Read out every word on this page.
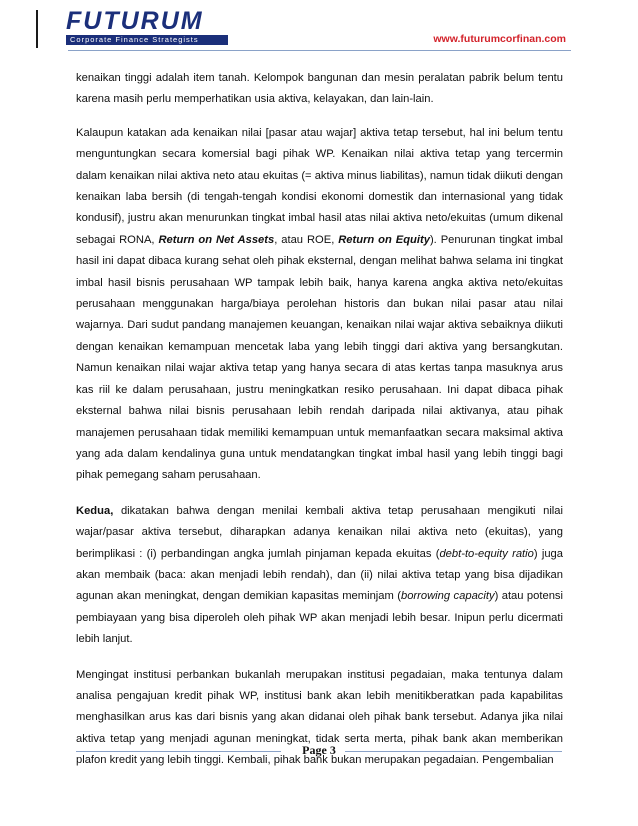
FUTURUM
Corporate Finance Strategists	www.futurumcorfinan.com

kenaikan tinggi adalah item tanah. Kelompok bangunan dan mesin peralatan pabrik belum tentu karena masih perlu memperhatikan usia aktiva, kelayakan, dan lain-lain.

Kalaupun katakan ada kenaikan nilai [pasar atau wajar] aktiva tetap tersebut, hal ini belum tentu menguntungkan secara komersial bagi pihak WP. Kenaikan nilai aktiva tetap yang tercermin dalam kenaikan nilai aktiva neto atau ekuitas (= aktiva minus liabilitas), namun tidak diikuti dengan kenaikan laba bersih (di tengah-tengah kondisi ekonomi domestik dan internasional yang tidak kondusif), justru akan menurunkan tingkat imbal hasil atas nilai aktiva neto/ekuitas (umum dikenal sebagai RONA, Return on Net Assets, atau ROE, Return on Equity). Penurunan tingkat imbal hasil ini dapat dibaca kurang sehat oleh pihak eksternal, dengan melihat bahwa selama ini tingkat imbal hasil bisnis perusahaan WP tampak lebih baik, hanya karena angka aktiva neto/ekuitas perusahaan menggunakan harga/biaya perolehan historis dan bukan nilai pasar atau nilai wajarnya. Dari sudut pandang manajemen keuangan, kenaikan nilai wajar aktiva sebaiknya diikuti dengan kenaikan kemampuan mencetak laba yang lebih tinggi dari aktiva yang bersangkutan. Namun kenaikan nilai wajar aktiva tetap yang hanya secara di atas kertas tanpa masuknya arus kas riil ke dalam perusahaan, justru meningkatkan resiko perusahaan. Ini dapat dibaca pihak eksternal bahwa nilai bisnis perusahaan lebih rendah daripada nilai aktivanya, atau pihak manajemen perusahaan tidak memiliki kemampuan untuk memanfaatkan secara maksimal aktiva yang ada dalam kendalinya guna untuk mendatangkan tingkat imbal hasil yang lebih tinggi bagi pihak pemegang saham perusahaan.

Kedua, dikatakan bahwa dengan menilai kembali aktiva tetap perusahaan mengikuti nilai wajar/pasar aktiva tersebut, diharapkan adanya kenaikan nilai aktiva neto (ekuitas), yang berimplikasi : (i) perbandingan angka jumlah pinjaman kepada ekuitas (debt-to-equity ratio) juga akan membaik (baca: akan menjadi lebih rendah), dan (ii) nilai aktiva tetap yang bisa dijadikan agunan akan meningkat, dengan demikian kapasitas meminjam (borrowing capacity) atau potensi pembiayaan yang bisa diperoleh oleh pihak WP akan menjadi lebih besar. Inipun perlu dicermati lebih lanjut.

Mengingat institusi perbankan bukanlah merupakan institusi pegadaian, maka tentunya dalam analisa pengajuan kredit pihak WP, institusi bank akan lebih menitikberatkan pada kapabilitas menghasilkan arus kas dari bisnis yang akan didanai oleh pihak bank tersebut. Adanya jika nilai aktiva tetap yang menjadi agunan meningkat, tidak serta merta, pihak bank akan memberikan plafon kredit yang lebih tinggi. Kembali, pihak bank bukan merupakan pegadaian. Pengembalian

Page 3
